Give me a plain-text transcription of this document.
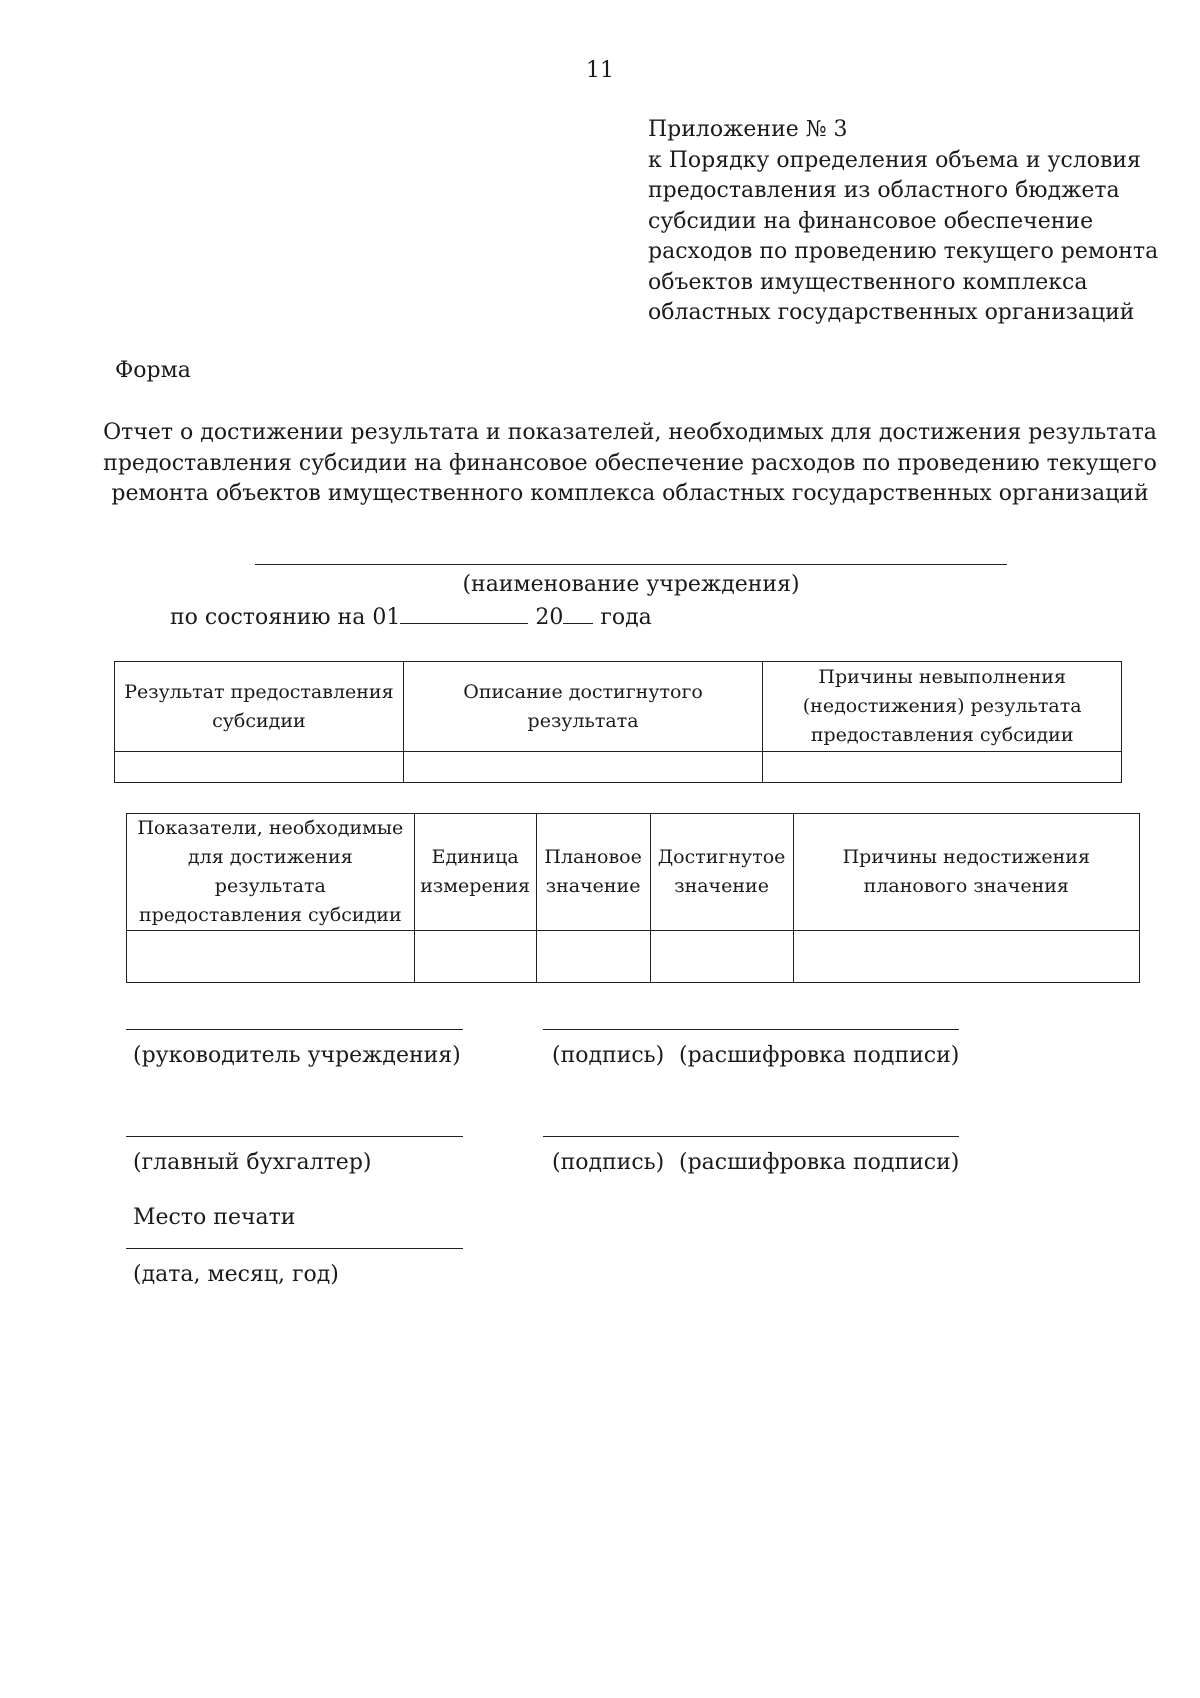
11
Приложение № 3
к Порядку определения объема и условия
предоставления из областного бюджета
субсидии на финансовое обеспечение
расходов по проведению текущего ремонта
объектов имущественного комплекса
областных государственных организаций
Форма
Отчет о достижении результата и показателей, необходимых для достижения результата
предоставления субсидии на финансовое обеспечение расходов по проведению текущего
ремонта объектов имущественного комплекса областных государственных организаций
(наименование учреждения)
по состоянию на 01	20 года
Результат предоставления субсидии	Описание достигнутого результата	Причины невыполнения (недостижения) результата предоставления субсидии

Показатели, необходимые для достижения результата предоставления субсидии	Единица измерения	Плановое значение	Достигнутое значение	Причины недостижения планового значения

(руководитель учреждения)	(подпись) (расшифровка подписи)
(главный бухгалтер)	(подпись) (расшифровка подписи)
Место печати
(дата, месяц, год)
